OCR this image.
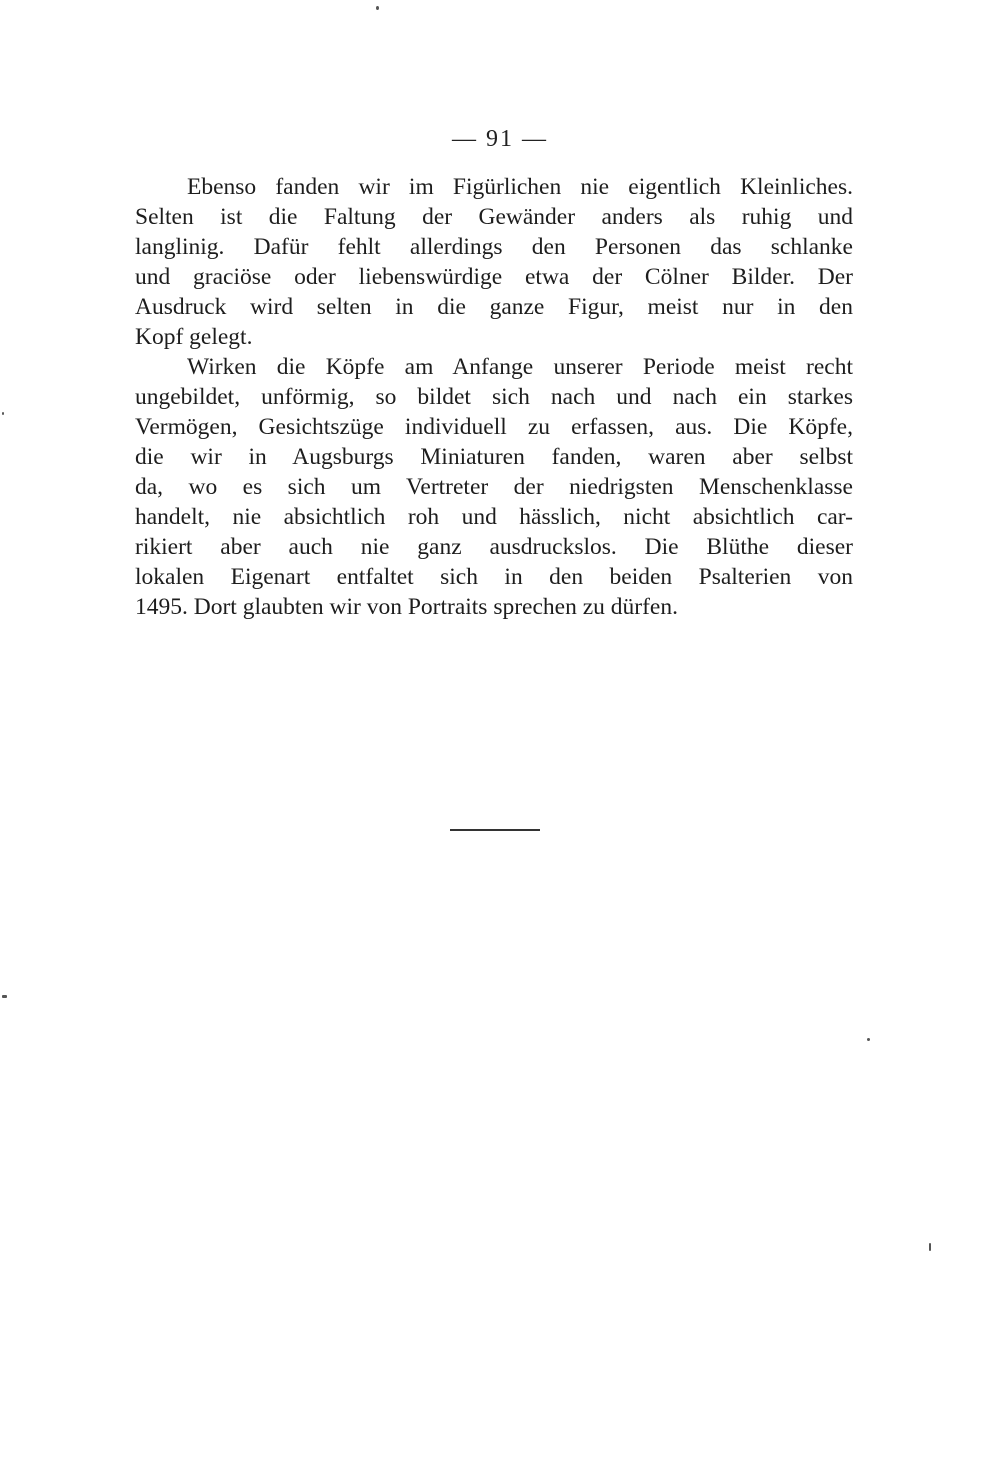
— 91 —
Ebenso fanden wir im Figürlichen nie eigentlich Kleinliches.
Selten ist die Faltung der Gewänder anders als ruhig und
langlinig. Dafür fehlt allerdings den Personen das schlanke
und graciöse oder liebenswürdige etwa der Cölner Bilder. Der
Ausdruck wird selten in die ganze Figur, meist nur in den
Kopf gelegt.
Wirken die Köpfe am Anfange unserer Periode meist recht
ungebildet, unförmig, so bildet sich nach und nach ein starkes
Vermögen, Gesichtszüge individuell zu erfassen, aus. Die Köpfe,
die wir in Augsburgs Miniaturen fanden, waren aber selbst
da, wo es sich um Vertreter der niedrigsten Menschenklasse
handelt, nie absichtlich roh und hässlich, nicht absichtlich car-
rikiert aber auch nie ganz ausdruckslos. Die Blüthe dieser
lokalen Eigenart entfaltet sich in den beiden Psalterien von
1495. Dort glaubten wir von Portraits sprechen zu dürfen.
